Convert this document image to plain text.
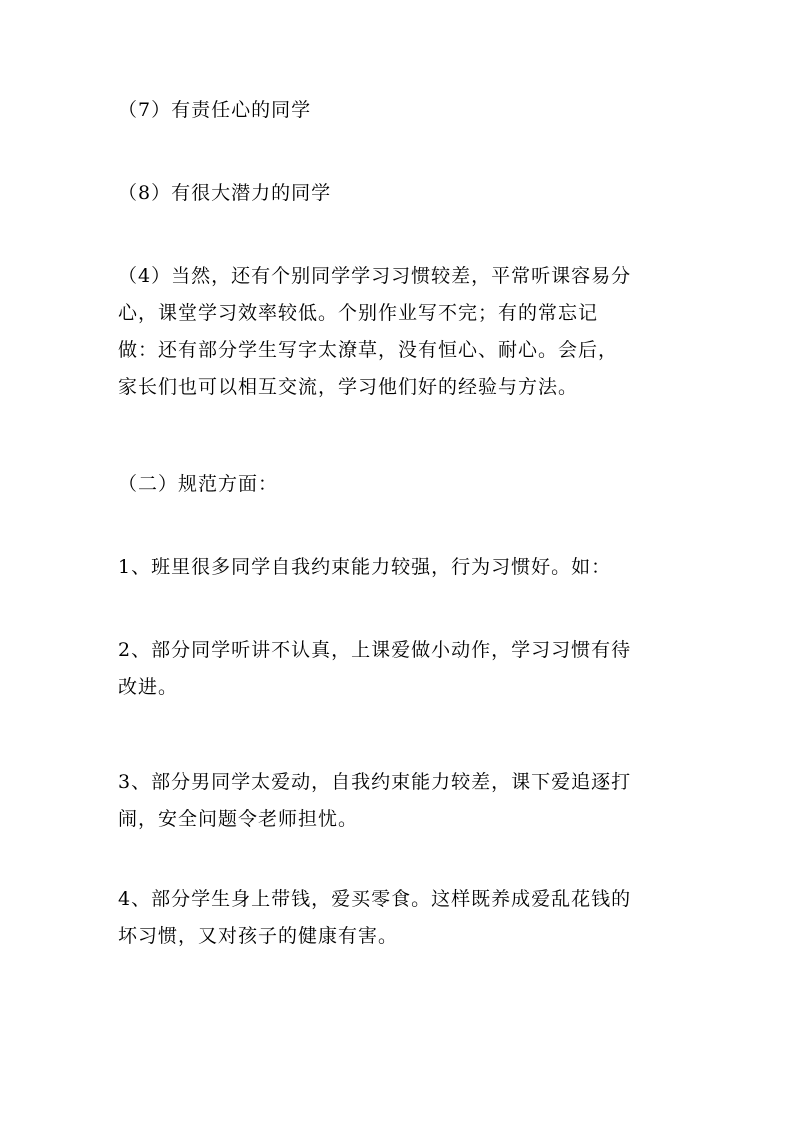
（7）有责任心的同学

（8）有很大潜力的同学

（4）当然，还有个别同学学习习惯较差，平常听课容易分
心，课堂学习效率较低。个别作业写不完；有的常忘记
做：还有部分学生写字太潦草，没有恒心、耐心。会后，
家长们也可以相互交流，学习他们好的经验与方法。

（二）规范方面：

1、班里很多同学自我约束能力较强，行为习惯好。如：

2、部分同学听讲不认真，上课爱做小动作，学习习惯有待
改进。

3、部分男同学太爱动，自我约束能力较差，课下爱追逐打
闹，安全问题令老师担忧。

4、部分学生身上带钱，爱买零食。这样既养成爱乱花钱的
坏习惯，又对孩子的健康有害。
